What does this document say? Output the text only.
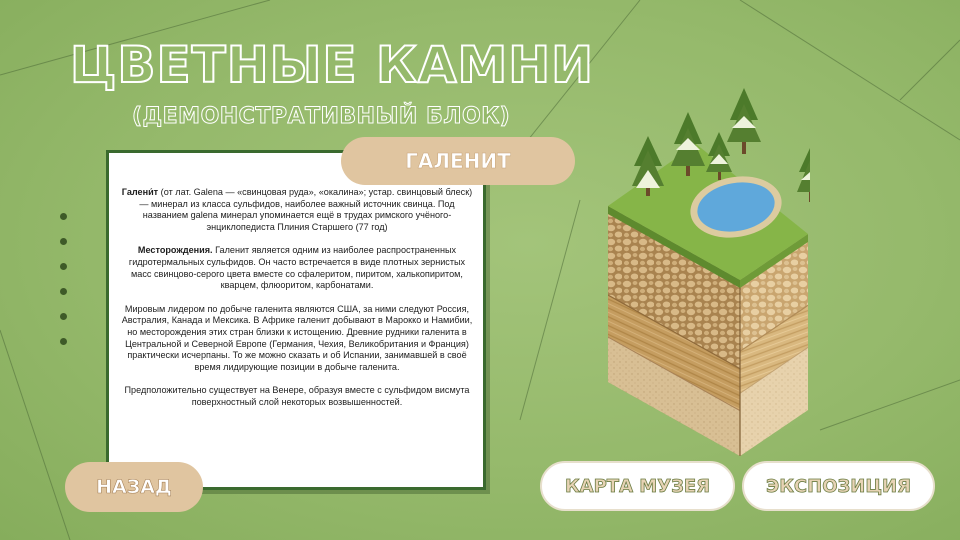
ЦВЕТНЫЕ КАМНИ
(ДЕМОНСТРАТИВНЫЙ БЛОК)

Галени́т (от лат. Galena — «свинцовая руда», «окалина»; устар. свинцовый блеск) — минерал из класса сульфидов, наиболее важный источник свинца. Под названием galena минерал упоминается ещё в трудах римского учёного-энциклопедиста Плиния Старшего (77 год)

Месторождения. Галенит является одним из наиболее распространенных гидротермальных сульфидов. Он часто встречается в виде плотных зернистых масс свинцово-серого цвета вместе со сфалеритом, пиритом, халькопиритом, кварцем, флюоритом, карбонатами.

Мировым лидером по добыче галенита являются США, за ними следуют Россия, Австралия, Канада и Мексика. В Африке галенит добывают в Марокко и Намибии, но месторождения этих стран близки к истощению. Древние рудники галенита в Центральной и Северной Европе (Германия, Чехия, Великобритания и Франция) практически исчерпаны. То же можно сказать и об Испании, занимавшей в своё время лидирующие позиции в добыче галенита.

Предположительно существует на Венере, образуя вместе с сульфидом висмута поверхностный слой некоторых возвышенностей.

ГАЛЕНИТ
НАЗАД	КАРТА МУЗЕЯ	ЭКСПОЗИЦИЯ
